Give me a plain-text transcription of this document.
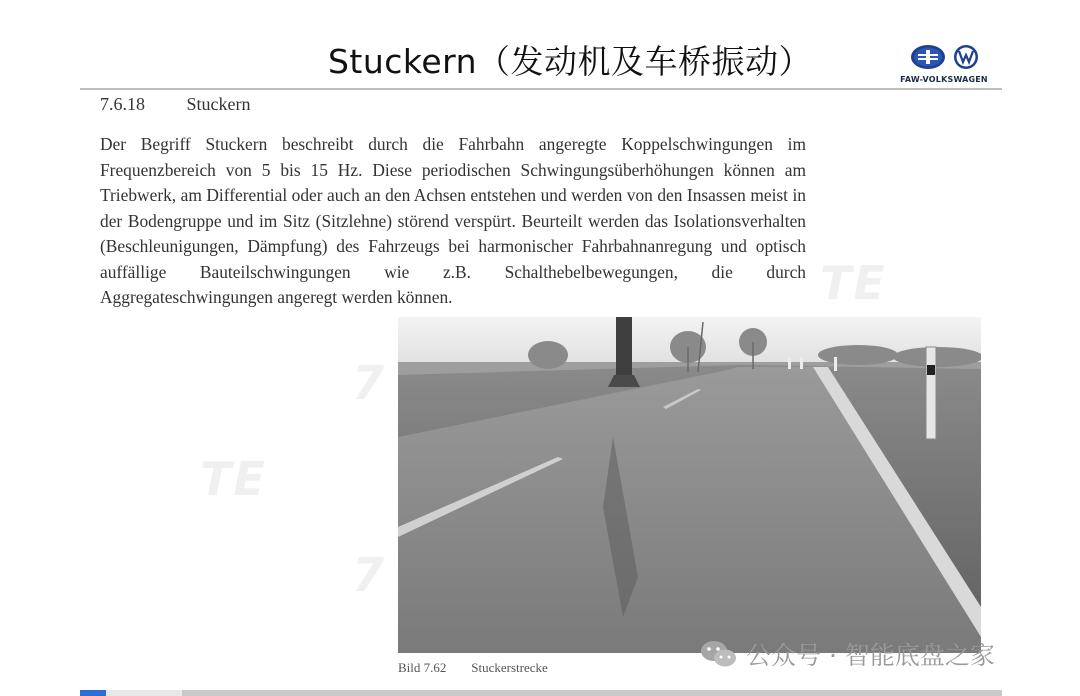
Stuckern（发动机及车桥振动）	FAW-VOLKSWAGEN
7.6.18 Stuckern

Der Begriff Stuckern beschreibt durch die Fahrbahn angeregte Koppelschwingungen im Frequenzbereich von 5 bis 15 Hz. Diese periodischen Schwingungsüberhöhungen können am Triebwerk, am Differential oder auch an den Achsen entstehen und werden von den Insassen meist in der Bodengruppe und im Sitz (Sitzlehne) störend verspürt. Beurteilt werden das Isolationsverhalten (Beschleunigungen, Dämpfung) des Fahrzeugs bei harmonischer Fahrbahnanregung und optisch auffällige Bauteilschwingungen wie z.B. Schalthebelbewegungen, die durch Aggregateschwingungen angeregt werden können.	TE
TE
7
7
Bild 7.62 Stuckerstrecke	公众号 · 智能底盘之家
